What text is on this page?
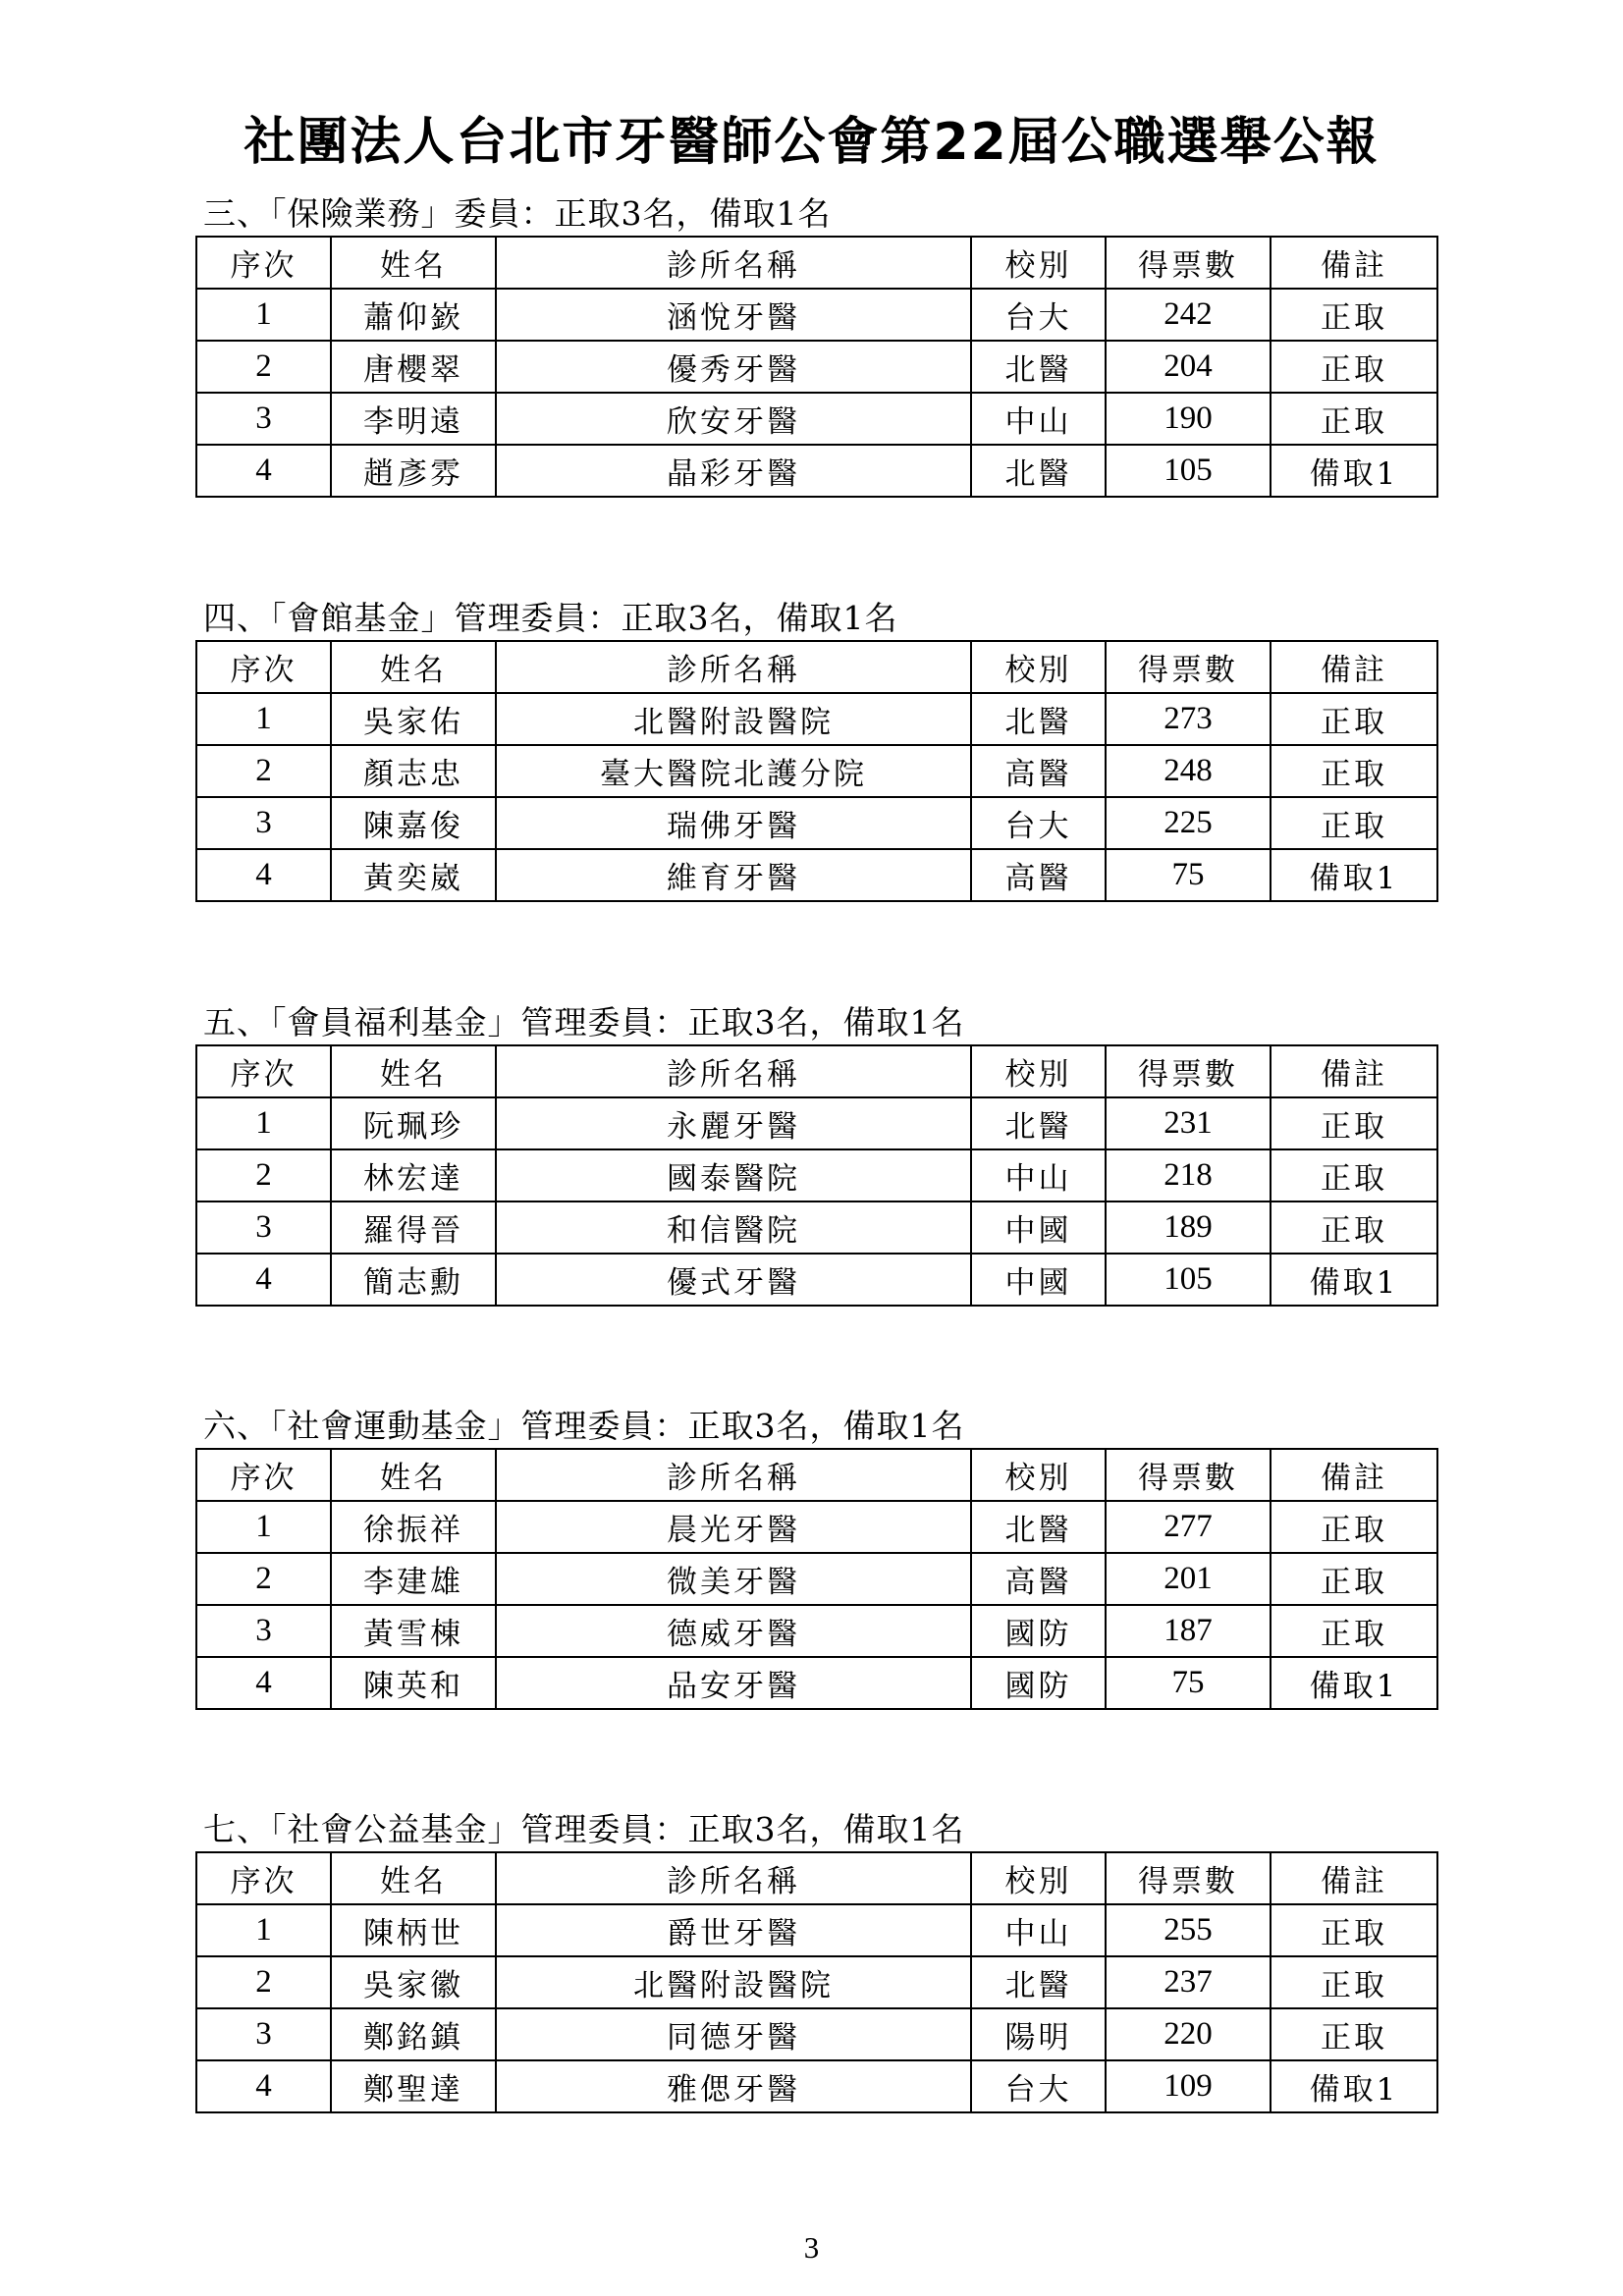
社團法人台北市牙醫師公會第22屆公職選舉公報
三、「保險業務」委員：正取3名，備取1名
序次	姓名	診所名稱	校別	得票數	備註
1	蕭仰嶔	涵悅牙醫	台大	242	正取
2	唐櫻翠	優秀牙醫	北醫	204	正取
3	李明遠	欣安牙醫	中山	190	正取
4	趙彥雰	晶彩牙醫	北醫	105	備取1
四、「會館基金」管理委員：正取3名，備取1名
序次	姓名	診所名稱	校別	得票數	備註
1	吳家佑	北醫附設醫院	北醫	273	正取
2	顏志忠	臺大醫院北護分院	高醫	248	正取
3	陳嘉俊	瑞佛牙醫	台大	225	正取
4	黃奕崴	維育牙醫	高醫	75	備取1
五、「會員福利基金」管理委員：正取3名，備取1名
序次	姓名	診所名稱	校別	得票數	備註
1	阮珮珍	永麗牙醫	北醫	231	正取
2	林宏達	國泰醫院	中山	218	正取
3	羅得晉	和信醫院	中國	189	正取
4	簡志勳	優式牙醫	中國	105	備取1
六、「社會運動基金」管理委員：正取3名，備取1名
序次	姓名	診所名稱	校別	得票數	備註
1	徐振祥	晨光牙醫	北醫	277	正取
2	李建雄	微美牙醫	高醫	201	正取
3	黃雪棟	德威牙醫	國防	187	正取
4	陳英和	品安牙醫	國防	75	備取1
七、「社會公益基金」管理委員：正取3名，備取1名
序次	姓名	診所名稱	校別	得票數	備註
1	陳柄世	爵世牙醫	中山	255	正取
2	吳家徽	北醫附設醫院	北醫	237	正取
3	鄭銘鎮	同德牙醫	陽明	220	正取
4	鄭聖達	雅偲牙醫	台大	109	備取1
3
